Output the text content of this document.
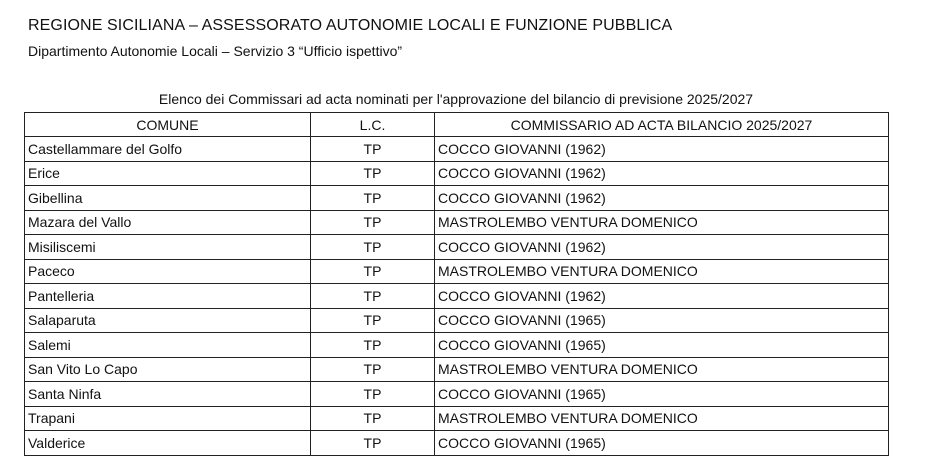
REGIONE SICILIANA – ASSESSORATO AUTONOMIE LOCALI E FUNZIONE PUBBLICA
Dipartimento Autonomie Locali – Servizio 3 “Ufficio ispettivo”
Elenco dei Commissari ad acta nominati per l'approvazione del bilancio di previsione 2025/2027
COMUNE	L.C.	COMMISSARIO AD ACTA BILANCIO 2025/2027
Castellammare del Golfo	TP	COCCO GIOVANNI (1962)
Erice	TP	COCCO GIOVANNI (1962)
Gibellina	TP	COCCO GIOVANNI (1962)
Mazara del Vallo	TP	MASTROLEMBO VENTURA DOMENICO
Misiliscemi	TP	COCCO GIOVANNI (1962)
Paceco	TP	MASTROLEMBO VENTURA DOMENICO
Pantelleria	TP	COCCO GIOVANNI (1962)
Salaparuta	TP	COCCO GIOVANNI (1965)
Salemi	TP	COCCO GIOVANNI (1965)
San Vito Lo Capo	TP	MASTROLEMBO VENTURA DOMENICO
Santa Ninfa	TP	COCCO GIOVANNI (1965)
Trapani	TP	MASTROLEMBO VENTURA DOMENICO
Valderice	TP	COCCO GIOVANNI (1965)
